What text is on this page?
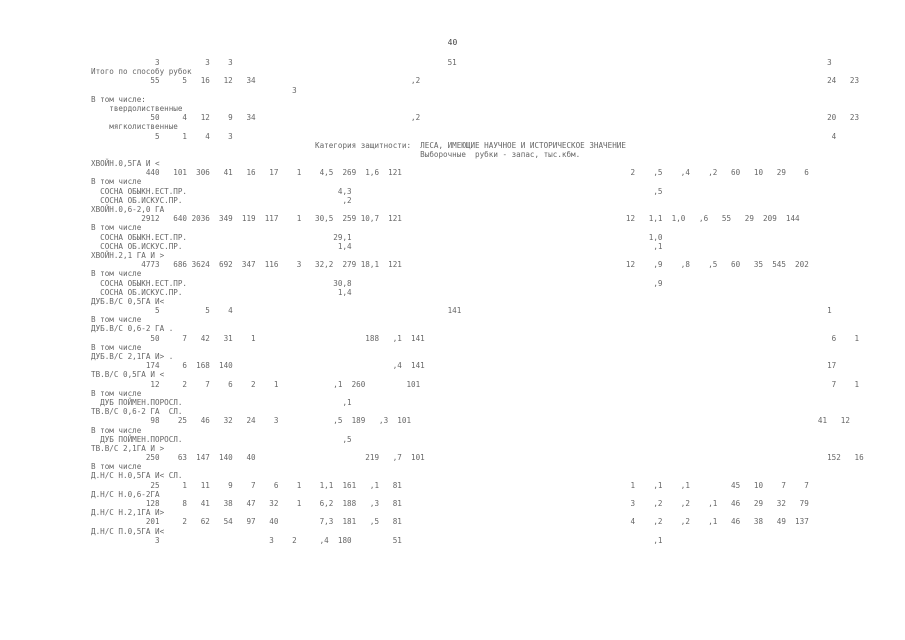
40
3          3    3                                               51                                                                                 3
Итого по способу рубок
55     5   16   12   34                                  ,2                                                                                         24   23
3
В том числе:
твердолиственные
50     4   12    9   34                                  ,2                                                                                         20   23
мягколиственные
5     1    4    3                                                                                                                                   4
Категория защитности:  ЛЕСА, ИМЕЮЩИЕ НАУЧНОЕ И ИСТОРИЧЕСКОЕ ЗНАЧЕНИЕ
Выборочные  рубки - запас, тыс.кбм.
ХВОЙН.0,5ГА И <
440   101  306   41   16   17    1    4,5  269  1,6  121                                                  2    ,5    ,4    ,2   60   10   29    6
В том числе
СОСНА ОБЫКН.ЕСТ.ПР.                                 4,3                                                                  ,5
СОСНА ОБ.ИСКУС.ПР.                                   ,2
ХВОЙН.0,6-2,0 ГА
2912   640 2036  349  119  117    1   30,5  259 10,7  121                                                 12   1,1  1,0   ,6   55   29  209  144
В том числе
СОСНА ОБЫКН.ЕСТ.ПР.                                29,1                                                                 1,0
СОСНА ОБ.ИСКУС.ПР.                                  1,4                                                                  ,1
ХВОЙН.2,1 ГА И >
4773   686 3624  692  347  116    3   32,2  279 18,1  121                                                 12    ,9    ,8    ,5   60   35  545  202
В том числе
СОСНА ОБЫКН.ЕСТ.ПР.                                30,8                                                                  ,9
СОСНА ОБ.ИСКУС.ПР.                                  1,4
ДУБ.В/С 0,5ГА И<
5          5    4                                               141                                                                                1
В том числе
ДУБ.В/С 0,6-2 ГА .
50     7   42   31    1                        188   ,1  141                                                                                         6    1
В том числе
ДУБ.В/С 2,1ГА И> .
174     6  168  140                                   ,4  141                                                                                        17
ТВ.В/С 0,5ГА И <
12     2    7    6    2    1            ,1  260         101                                                                                          7    1
В том числе
ДУБ ПОЙМЕН.ПОРОСЛ.                                   ,1
ТВ.В/С 0,6-2 ГА  СЛ.
98    25   46   32   24    3            ,5  189   ,3  101                                                                                         41   12
В том числе
ДУБ ПОЙМЕН.ПОРОСЛ.                                   ,5
ТВ.В/С 2,1ГА И >
250    63  147  140   40                        219   ,7  101                                                                                        152   16
В том числе
Д.Н/С Н.0,5ГА И< СЛ.
25     1   11    9    7    6    1    1,1  161   ,1   81                                                  1    ,1    ,1         45   10    7    7
Д.Н/С Н.0,6-2ГА
128     8   41   38   47   32    1    6,2  188   ,3   81                                                  3    ,2    ,2    ,1   46   29   32   79
Д.Н/С Н.2,1ГА И>
201     2   62   54   97   40         7,3  181   ,5   81                                                  4    ,2    ,2    ,1   46   38   49  137
Д.Н/С П.0,5ГА И<
3                        3    2     ,4  180         51                                                       ,1
